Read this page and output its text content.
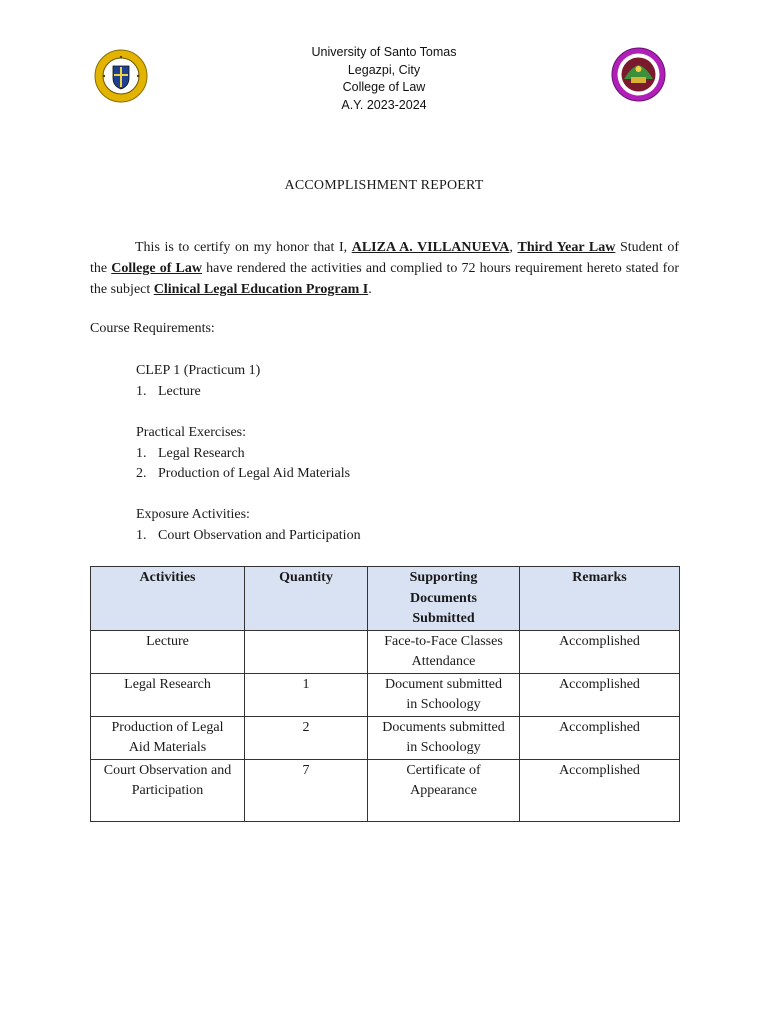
University of Santo Tomas
Legazpi, City
College of Law
A.Y. 2023-2024
ACCOMPLISHMENT REPOERT
This is to certify on my honor that I, ALIZA A. VILLANUEVA, Third Year Law Student of the College of Law have rendered the activities and complied to 72 hours requirement hereto stated for the subject Clinical Legal Education Program I.
Course Requirements:
CLEP 1 (Practicum 1)
1. Lecture
Practical Exercises:
1. Legal Research
2. Production of Legal Aid Materials
Exposure Activities:
1. Court Observation and Participation
Activities	Quantity	Supporting Documents Submitted	Remarks
Lecture		Face-to-Face Classes Attendance	Accomplished
Legal Research	1	Document submitted in Schoology	Accomplished
Production of Legal Aid Materials	2	Documents submitted in Schoology	Accomplished
Court Observation and Participation	7	Certificate of Appearance	Accomplished
